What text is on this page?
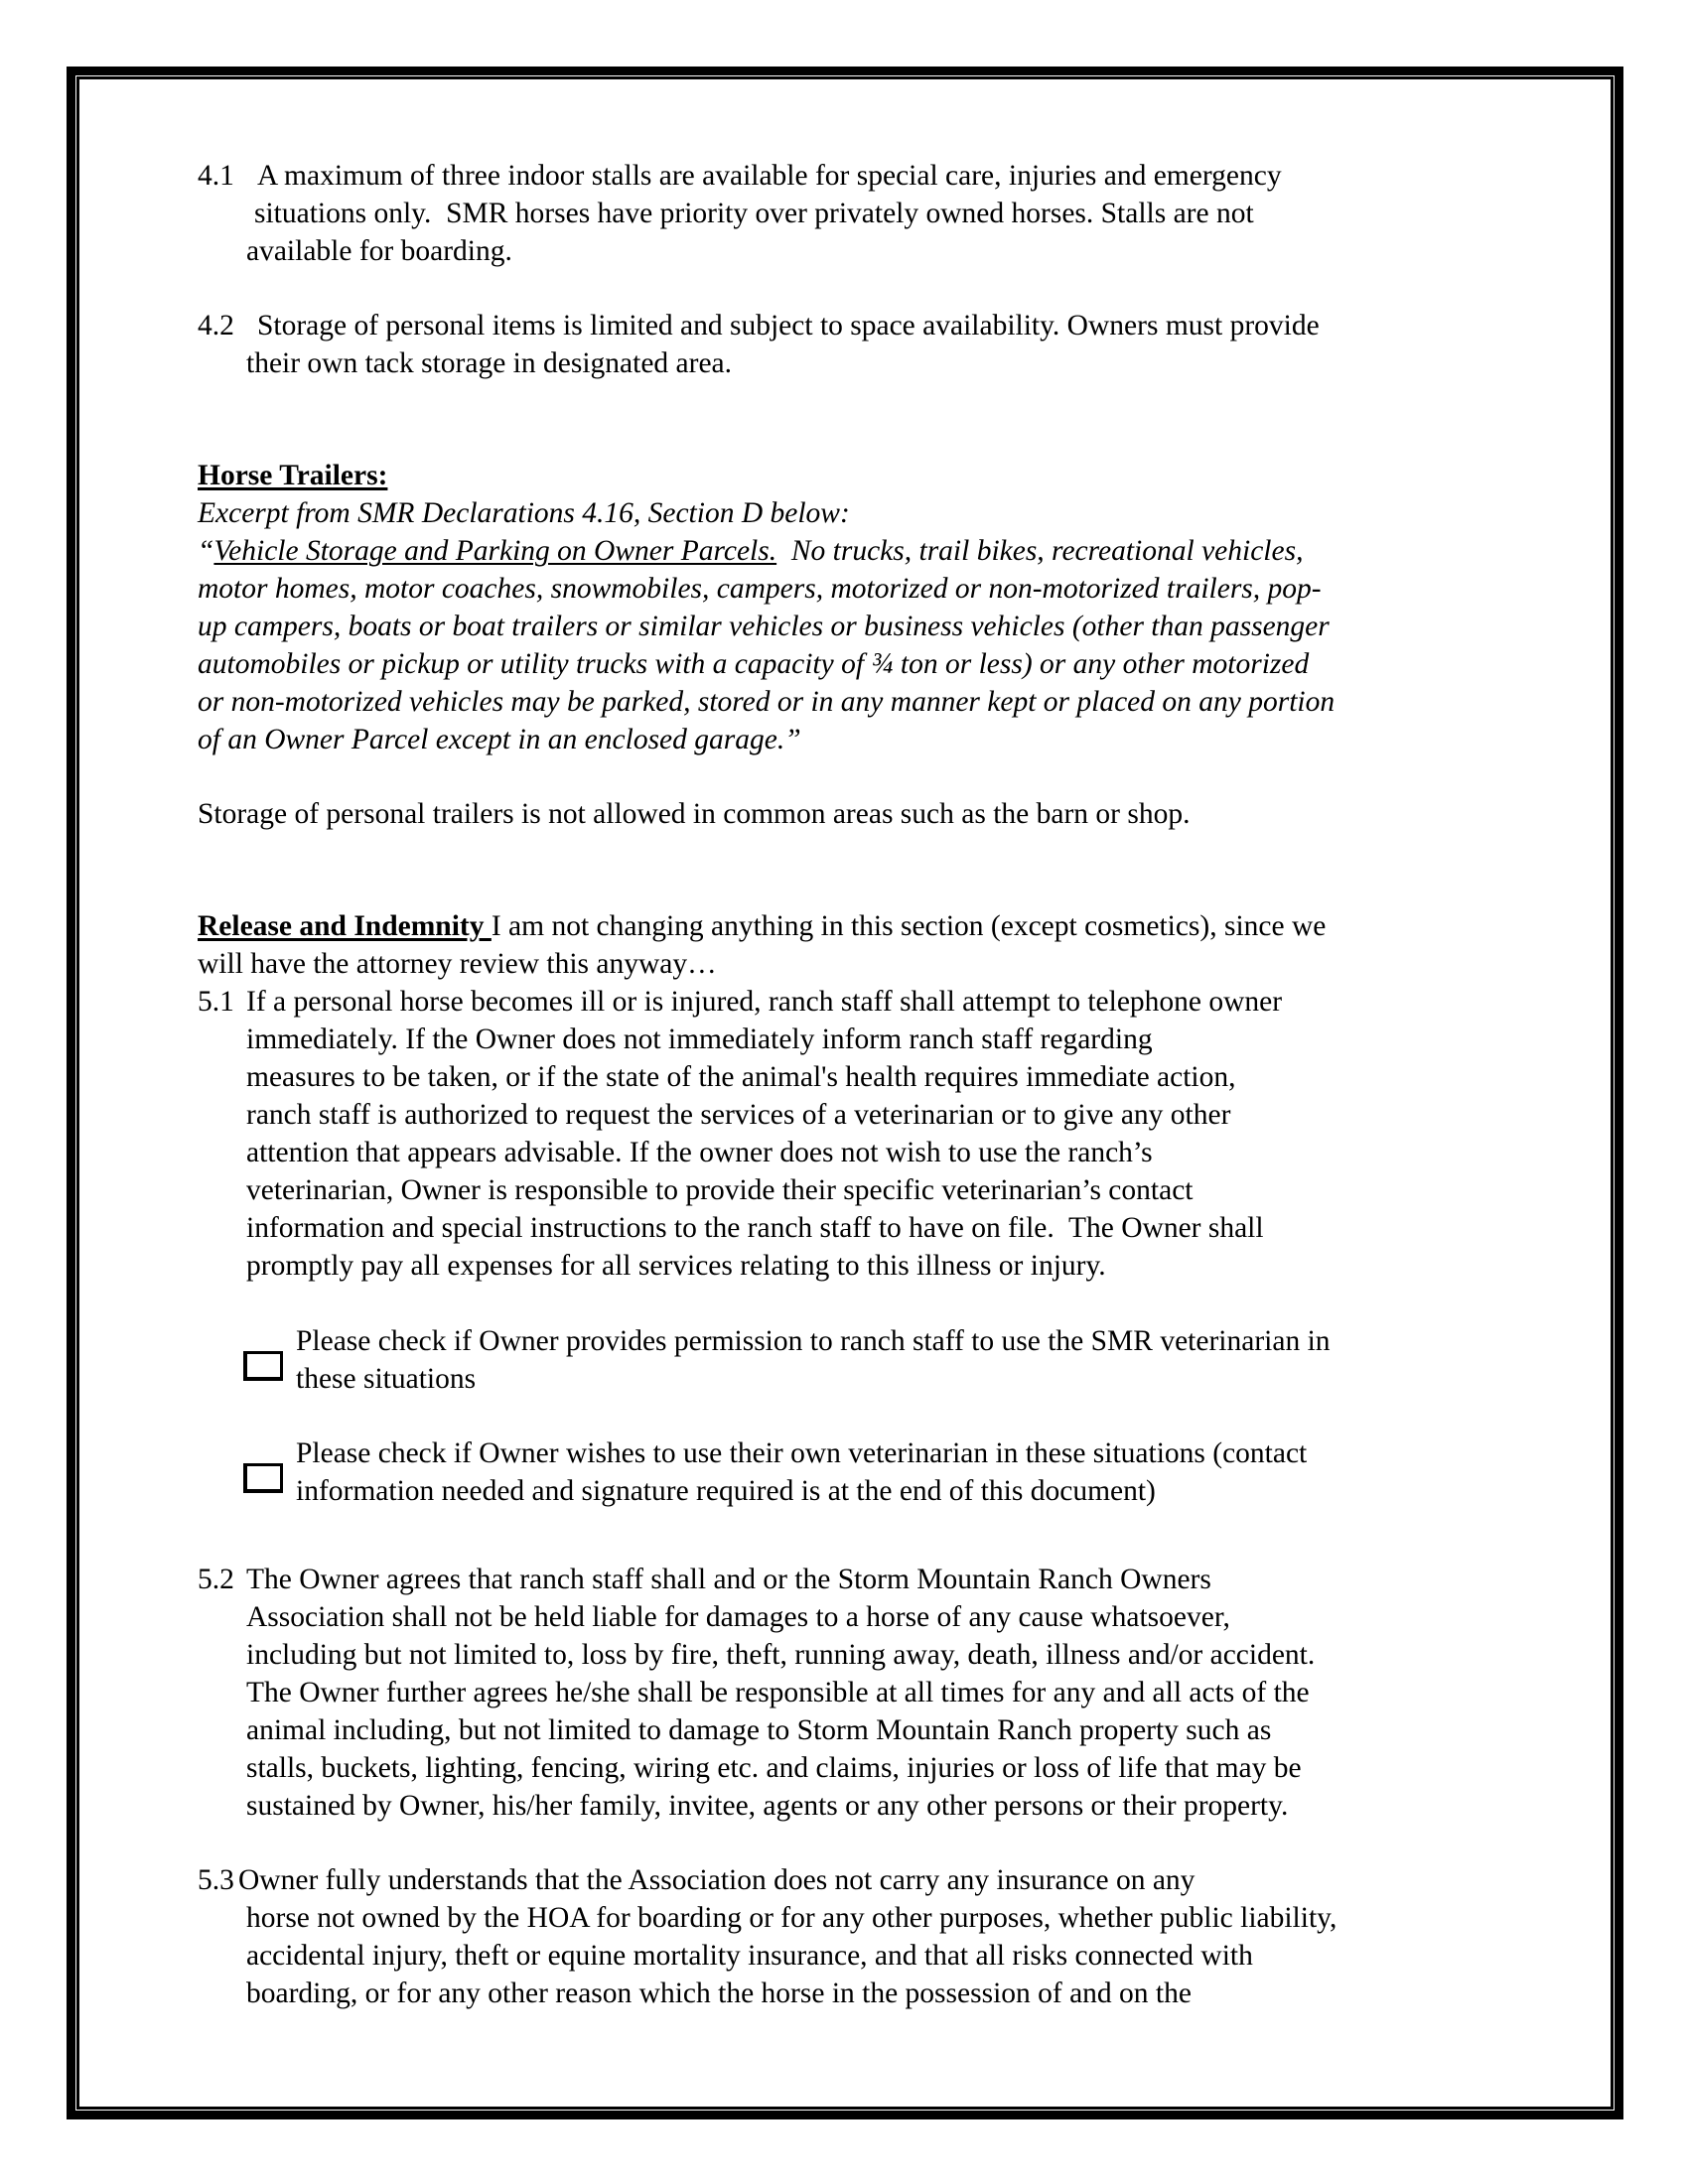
4.1 A maximum of three indoor stalls are available for special care, injuries and emergency
situations only.  SMR horses have priority over privately owned horses. Stalls are not
available for boarding.
4.2 Storage of personal items is limited and subject to space availability. Owners must provide
their own tack storage in designated area.
Horse Trailers:
Excerpt from SMR Declarations 4.16, Section D below:
“Vehicle Storage and Parking on Owner Parcels.  No trucks, trail bikes, recreational vehicles,
motor homes, motor coaches, snowmobiles, campers, motorized or non-motorized trailers, pop-
up campers, boats or boat trailers or similar vehicles or business vehicles (other than passenger
automobiles or pickup or utility trucks with a capacity of ¾ ton or less) or any other motorized
or non-motorized vehicles may be parked, stored or in any manner kept or placed on any portion
of an Owner Parcel except in an enclosed garage.”
Storage of personal trailers is not allowed in common areas such as the barn or shop.
Release and Indemnity I am not changing anything in this section (except cosmetics), since we
will have the attorney review this anyway…
5.1 If a personal horse becomes ill or is injured, ranch staff shall attempt to telephone owner
immediately. If the Owner does not immediately inform ranch staff regarding
measures to be taken, or if the state of the animal's health requires immediate action,
ranch staff is authorized to request the services of a veterinarian or to give any other
attention that appears advisable. If the owner does not wish to use the ranch’s
veterinarian, Owner is responsible to provide their specific veterinarian’s contact
information and special instructions to the ranch staff to have on file.  The Owner shall
promptly pay all expenses for all services relating to this illness or injury.
Please check if Owner provides permission to ranch staff to use the SMR veterinarian in
these situations
Please check if Owner wishes to use their own veterinarian in these situations (contact
information needed and signature required is at the end of this document)
5.2 The Owner agrees that ranch staff shall and or the Storm Mountain Ranch Owners
Association shall not be held liable for damages to a horse of any cause whatsoever,
including but not limited to, loss by fire, theft, running away, death, illness and/or accident.
The Owner further agrees he/she shall be responsible at all times for any and all acts of the
animal including, but not limited to damage to Storm Mountain Ranch property such as
stalls, buckets, lighting, fencing, wiring etc. and claims, injuries or loss of life that may be
sustained by Owner, his/her family, invitee, agents or any other persons or their property.
5.3 Owner fully understands that the Association does not carry any insurance on any
horse not owned by the HOA for boarding or for any other purposes, whether public liability,
accidental injury, theft or equine mortality insurance, and that all risks connected with
boarding, or for any other reason which the horse in the possession of and on the
